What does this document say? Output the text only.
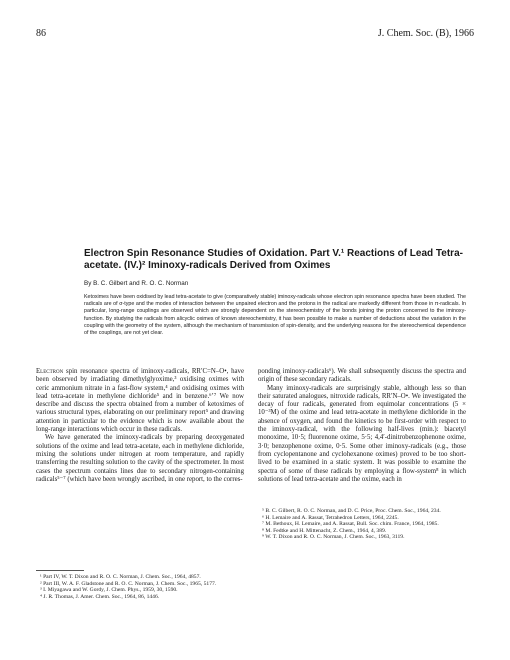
86	J. Chem. Soc. (B), 1966
Electron Spin Resonance Studies of Oxidation. Part V.¹ Reactions of Lead Tetra-acetate. (IV.)² Iminoxy-radicals Derived from Oximes
By B. C. Gilbert and R. O. C. Norman

Ketoximes have been oxidised by lead tetra-acetate to give (comparatively stable) iminoxy-radicals whose electron spin resonance spectra have been studied. The radicals are of σ-type and the modes of interaction between the unpaired electron and the protons in the radical are markedly different from those in π-radicals. In particular, long-range couplings are observed which are strongly dependent on the stereochemistry of the bonds joining the proton concerned to the iminoxy-function. By studying the radicals from alicyclic oximes of known stereochemistry, it has been possible to make a number of deductions about the variation in the coupling with the geometry of the system, although the mechanism of transmission of spin-density, and the underlying reasons for the stereochemical dependence of the couplings, are not yet clear.

Electron spin resonance spectra of iminoxy-radicals, RR′C=N–O•, have been observed by irradiating dimethylglyoxime,³ oxidising oximes with ceric ammonium nitrate in a fast-flow system,⁴ and oxidising oximes with lead tetra-acetate in methylene dichloride⁵ and in benzene.⁶ʼ⁷ We now describe and discuss the spectra obtained from a number of ketoximes of various structural types, elaborating on our preliminary report⁵ and drawing attention in particular to the evidence which is now available about the long-range interactions which occur in these radicals.

We have generated the iminoxy-radicals by preparing deoxygenated solutions of the oxime and lead tetra-acetate, each in methylene dichloride, mixing the solutions under nitrogen at room temperature, and rapidly transferring the resulting solution to the cavity of the spectrometer. In most cases the spectrum contains lines due to secondary nitrogen-containing radicals⁵⁻⁷ (which have been wrongly ascribed, in one report, to the corres-

ponding iminoxy-radicals⁶). We shall subsequently discuss the spectra and origin of these secondary radicals.

Many iminoxy-radicals are surprisingly stable, although less so than their saturated analogues, nitroxide radicals, RR′N–O•. We investigated the decay of four radicals, generated from equimolar concentrations (5 × 10⁻³M) of the oxime and lead tetra-acetate in methylene dichloride in the absence of oxygen, and found the kinetics to be first-order with respect to the iminoxy-radical, with the following half-lives (min.): biacetyl monoxime, 10·5; fluorenone oxime, 5·5; 4,4′-dinitrobenzophenone oxime, 3·0; benzophenone oxime, 0·5. Some other iminoxy-radicals (e.g., those from cyclopentanone and cyclohexanone oximes) proved to be too short-lived to be examined in a static system. It was possible to examine the spectra of some of these radicals by employing a flow-system⁸ in which solutions of lead tetra-acetate and the oxime, each in

¹ Part IV, W. T. Dixon and R. O. C. Norman, J. Chem. Soc., 1964, 4857.

² Part III, W. A. F. Gladstone and R. O. C. Norman, J. Chem. Soc., 1965, 5177.

³ I. Miyagawa and W. Gordy, J. Chem. Phys., 1959, 30, 1590.

⁴ J. R. Thomas, J. Amer. Chem. Soc., 1964, 86, 1446.

⁵ B. C. Gilbert, R. O. C. Norman, and D. C. Price, Proc. Chem. Soc., 1964, 234.

⁶ H. Lemaire and A. Rassat, Tetrahedron Letters, 1964, 2245.

⁷ M. Bethoux, H. Lemaire, and A. Rassat, Bull. Soc. chim. France, 1964, 1985.

⁸ M. Fedtke and H. Mittenacht, Z. Chem., 1964, 4, 389.

⁹ W. T. Dixon and R. O. C. Norman, J. Chem. Soc., 1963, 3119.
